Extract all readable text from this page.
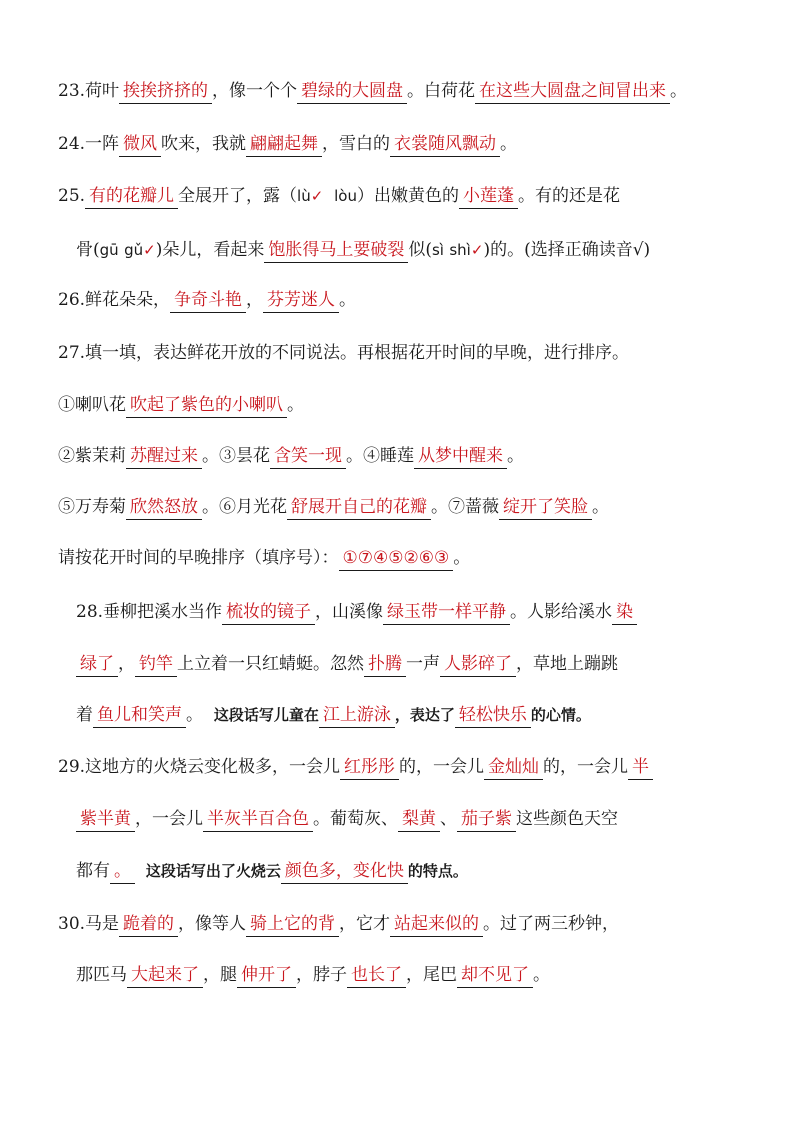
23.荷叶 挨挨挤挤的 ，像一个个 碧绿的大圆盘 。白荷花 在这些大圆盘之间冒出来 。
24.一阵 微风 吹来，我就 翩翩起舞 ，雪白的 衣裳随风飘动 。
25. 有的花瓣儿 全展开了，露（lù✓ lòu）出嫩黄色的 小莲蓬 。有的还是花
骨(gū gǔ✓)朵儿，看起来 饱胀得马上要破裂 似(sì shì✓)的。(选择正确读音√)
26.鲜花朵朵， 争奇斗艳 ， 芬芳迷人 。
27.填一填，表达鲜花开放的不同说法。再根据花开时间的早晚，进行排序。
①喇叭花 吹起了紫色的小喇叭 。
②紫茉莉 苏醒过来 。③昙花 含笑一现 。④睡莲 从梦中醒来 。
⑤万寿菊 欣然怒放 。⑥月光花 舒展开自己的花瓣 。⑦蔷薇 绽开了笑脸 。
请按花开时间的早晚排序（填序号）： ①⑦④⑤②⑥③ 。
28.垂柳把溪水当作 梳妆的镜子 ，山溪像 绿玉带一样平静 。人影给溪水 染
绿了 ， 钓竿 上立着一只红蜻蜓。忽然 扑腾 一声 人影碎了 ，草地上蹦跳
着 鱼儿和笑声 。 这段话写儿童在 江上游泳 ，表达了 轻松快乐 的心情。
29.这地方的火烧云变化极多，一会儿 红彤彤 的，一会儿 金灿灿 的，一会儿 半
紫半黄 ，一会儿 半灰半百合色 。葡萄灰、 梨黄 、 茄子紫 这些颜色天空
都有 。 这段话写出了火烧云 颜色多，变化快 的特点。
30.马是 跪着的 ，像等人 骑上它的背 ，它才 站起来似的 。过了两三秒钟，
那匹马 大起来了 ，腿 伸开了 ，脖子 也长了 ，尾巴 却不见了 。
